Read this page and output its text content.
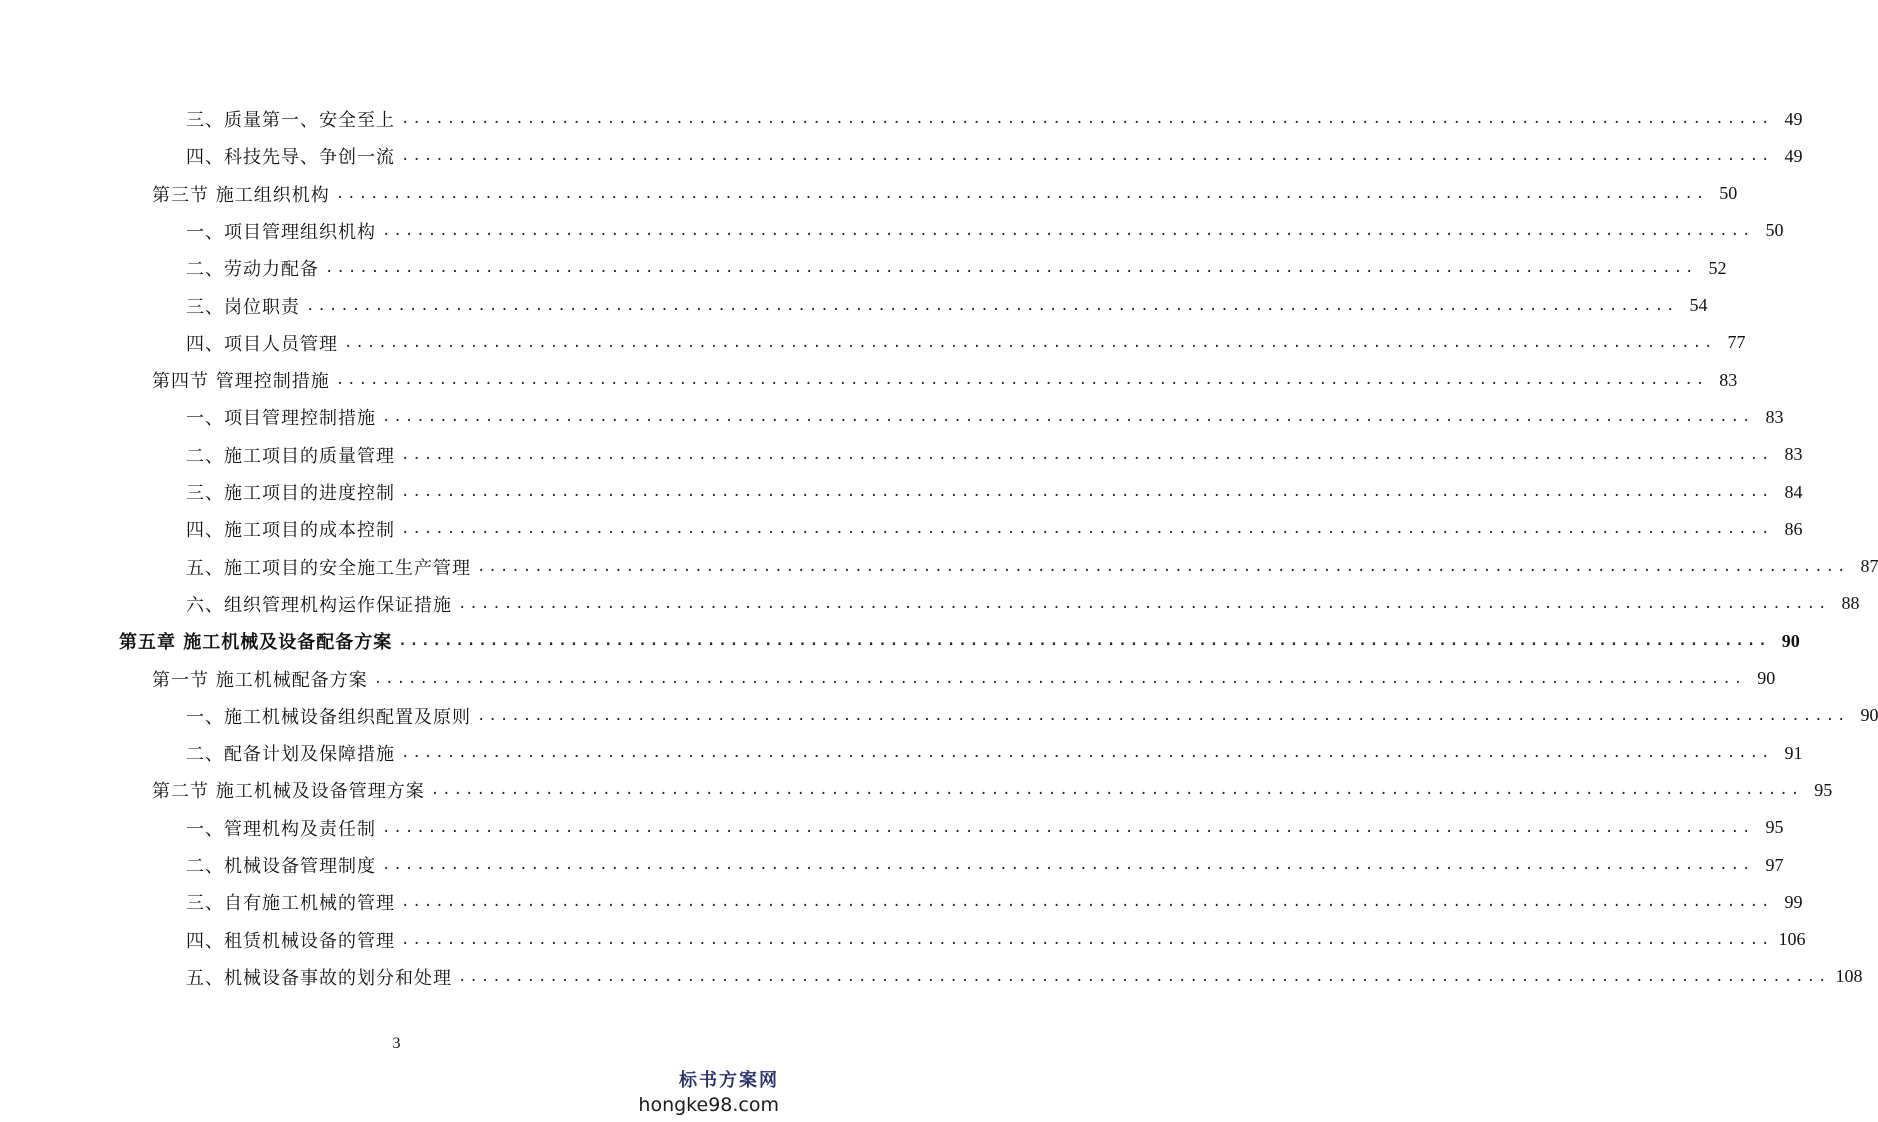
三、质量第一、安全至上 ........................................................................................................................ 49
四、科技先导、争创一流 ........................................................................................................................ 49
第三节 施工组织机构 ........................................................................................................................ 50
一、项目管理组织机构 ........................................................................................................................ 50
二、劳动力配备 ........................................................................................................................ 52
三、岗位职责 ........................................................................................................................ 54
四、项目人员管理 ........................................................................................................................ 77
第四节 管理控制措施 ........................................................................................................................ 83
一、项目管理控制措施 ........................................................................................................................ 83
二、施工项目的质量管理 ........................................................................................................................ 83
三、施工项目的进度控制 ........................................................................................................................ 84
四、施工项目的成本控制 ........................................................................................................................ 86
五、施工项目的安全施工生产管理 ........................................................................................................................ 87
六、组织管理机构运作保证措施 ........................................................................................................................ 88
第五章 施工机械及设备配备方案 ........................................................................................................................ 90
第一节 施工机械配备方案 ........................................................................................................................ 90
一、施工机械设备组织配置及原则 ........................................................................................................................ 90
二、配备计划及保障措施 ........................................................................................................................ 91
第二节 施工机械及设备管理方案 ........................................................................................................................ 95
一、管理机构及责任制 ........................................................................................................................ 95
二、机械设备管理制度 ........................................................................................................................ 97
三、自有施工机械的管理 ........................................................................................................................ 99
四、租赁机械设备的管理 ........................................................................................................................ 106
五、机械设备事故的划分和处理 ........................................................................................................................ 108
3
标书方案网
hongke98.com
